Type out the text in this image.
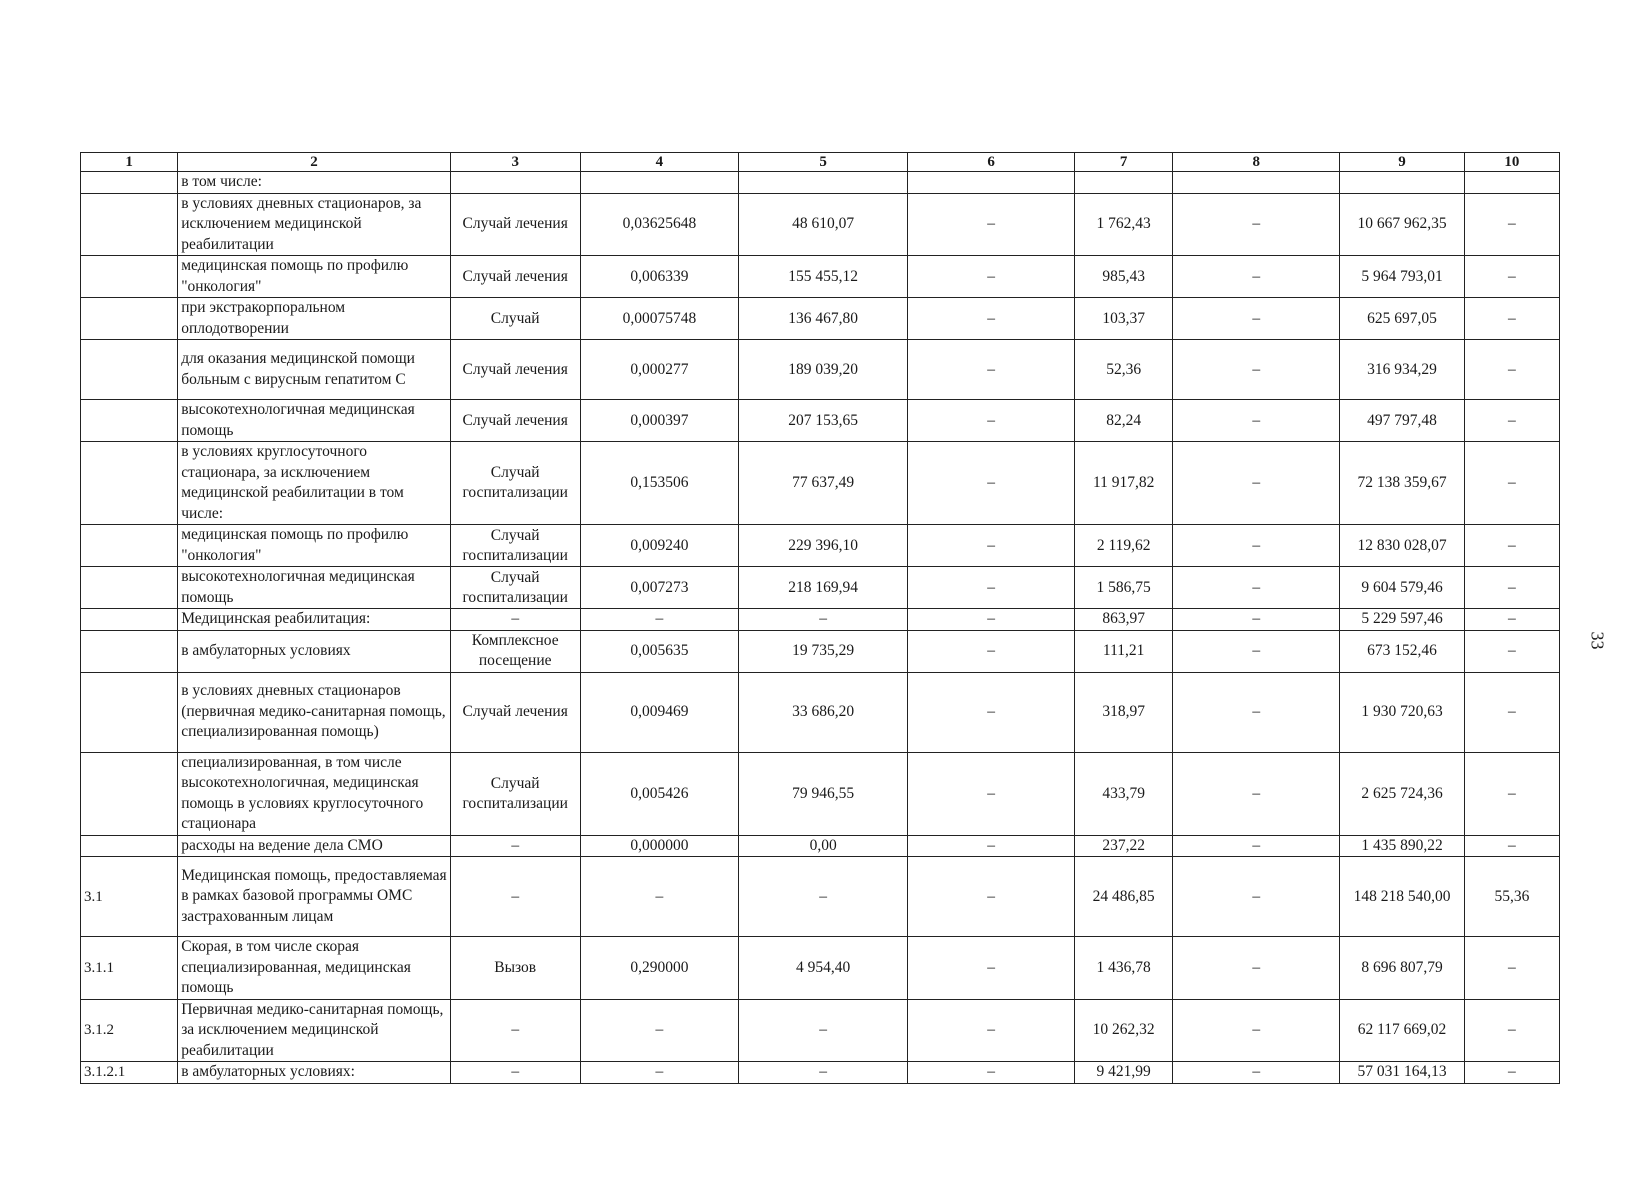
1	2	3	4	5	6	7	8	9	10
	в том числе:								
	в условиях дневных стационаров, за исключением медицинской реабилитации	Случай лечения	0,03625648	48 610,07	–	1 762,43	–	10 667 962,35	–
	медицинская помощь по профилю "онкология"	Случай лечения	0,006339	155 455,12	–	985,43	–	5 964 793,01	–
	при экстракорпоральном оплодотворении	Случай	0,00075748	136 467,80	–	103,37	–	625 697,05	–
	для оказания медицинской помощи больным с вирусным гепатитом С	Случай лечения	0,000277	189 039,20	–	52,36	–	316 934,29	–
	высокотехнологичная медицинская помощь	Случай лечения	0,000397	207 153,65	–	82,24	–	497 797,48	–
	в условиях круглосуточного стационара, за исключением медицинской реабилитации в том числе:	Случай госпитализации	0,153506	77 637,49	–	11 917,82	–	72 138 359,67	–
	медицинская помощь по профилю "онкология"	Случай госпитализации	0,009240	229 396,10	–	2 119,62	–	12 830 028,07	–
	высокотехнологичная медицинская помощь	Случай госпитализации	0,007273	218 169,94	–	1 586,75	–	9 604 579,46	–
	Медицинская реабилитация:	–	–	–	–	863,97	–	5 229 597,46	–
	в амбулаторных условиях	Комплексное посещение	0,005635	19 735,29	–	111,21	–	673 152,46	–
	в условиях дневных стационаров (первичная медико-санитарная помощь, специализированная помощь)	Случай лечения	0,009469	33 686,20	–	318,97	–	1 930 720,63	–
	специализированная, в том числе высокотехнологичная, медицинская помощь в условиях круглосуточного стационара	Случай госпитализации	0,005426	79 946,55	–	433,79	–	2 625 724,36	–
	расходы на ведение дела СМО	–	0,000000	0,00	–	237,22	–	1 435 890,22	–
3.1	Медицинская помощь, предоставляемая в рамках базовой программы ОМС застрахованным лицам	–	–	–	–	24 486,85	–	148 218 540,00	55,36
3.1.1	Скорая, в том числе скорая специализированная, медицинская помощь	Вызов	0,290000	4 954,40	–	1 436,78	–	8 696 807,79	–
3.1.2	Первичная медико-санитарная помощь, за исключением медицинской реабилитации	–	–	–	–	10 262,32	–	62 117 669,02	–
3.1.2.1	в амбулаторных условиях:	–	–	–	–	9 421,99	–	57 031 164,13	–
33
